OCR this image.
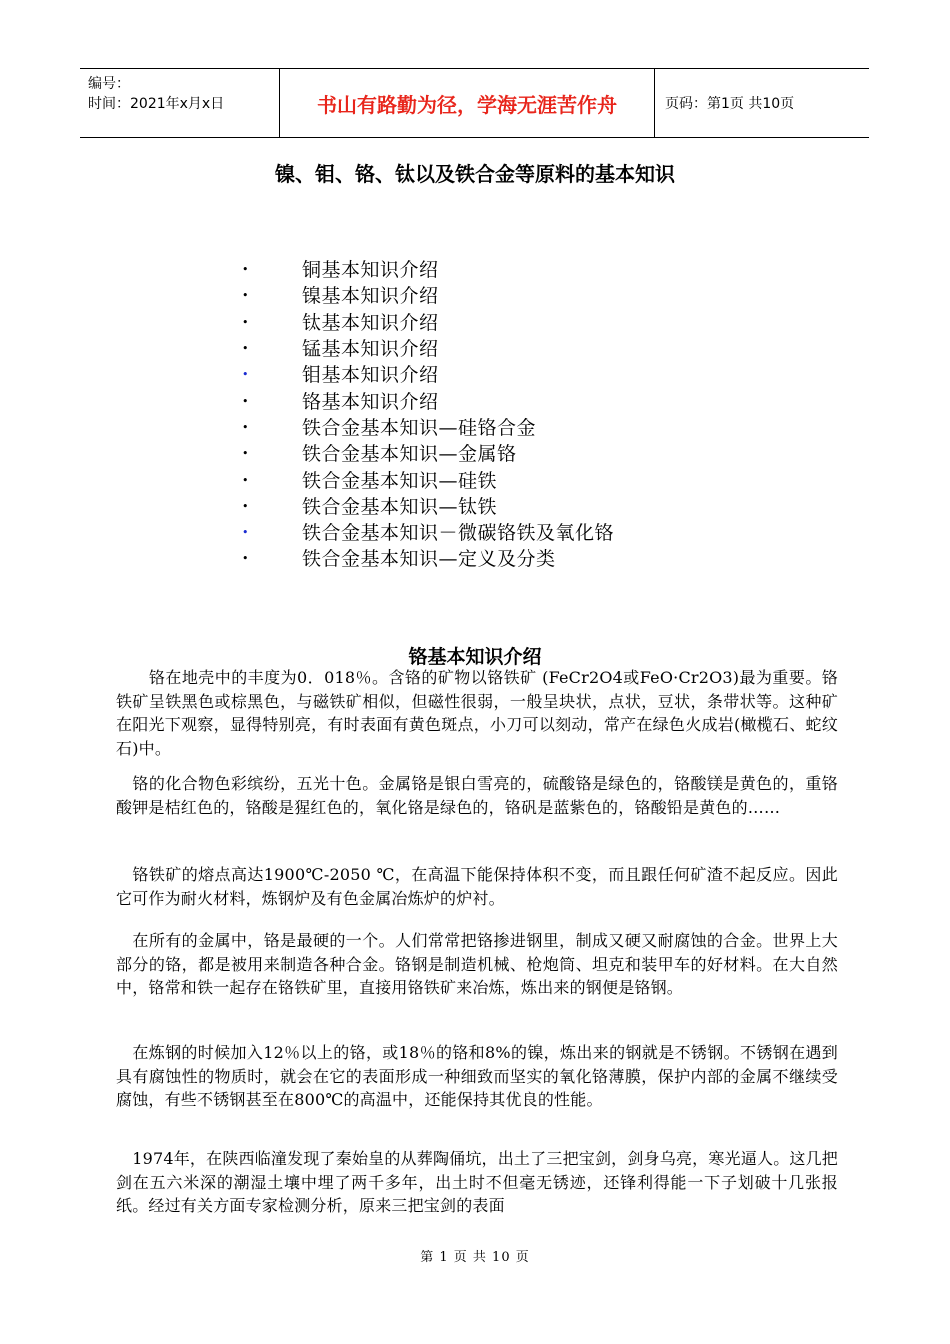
编号：
时间：2021年x月x日	书山有路勤为径，学海无涯苦作舟	页码：第1页 共10页
镍、钼、铬、钛以及铁合金等原料的基本知识
•	铜基本知识介绍
•	镍基本知识介绍
•	钛基本知识介绍
•	锰基本知识介绍
•	钼基本知识介绍
•	铬基本知识介绍
•	铁合金基本知识—硅铬合金
•	铁合金基本知识—金属铬
•	铁合金基本知识—硅铁
•	铁合金基本知识—钛铁
•	铁合金基本知识－微碳铬铁及氧化铬
•	铁合金基本知识—定义及分类
铬基本知识介绍

　　铬在地壳中的丰度为0．018％。含铬的矿物以铬铁矿 (FeCr2O4或FeO·Cr2O3)最为重要。铬铁矿呈铁黑色或棕黑色，与磁铁矿相似，但磁性很弱，一般呈块状，点状，豆状，条带状等。这种矿在阳光下观察，显得特别亮，有时表面有黄色斑点，小刀可以刻动，常产在绿色火成岩(橄榄石、蛇纹石)中。

　铬的化合物色彩缤纷，五光十色。金属铬是银白雪亮的，硫酸铬是绿色的，铬酸镁是黄色的，重铬酸钾是桔红色的，铬酸是猩红色的，氧化铬是绿色的，铬矾是蓝紫色的，铬酸铅是黄色的……

　铬铁矿的熔点高达1900℃-2050 ℃，在高温下能保持体积不变，而且跟任何矿渣不起反应。因此它可作为耐火材料，炼钢炉及有色金属冶炼炉的炉衬。

　在所有的金属中，铬是最硬的一个。人们常常把铬掺进钢里，制成又硬又耐腐蚀的合金。世界上大部分的铬，都是被用来制造各种合金。铬钢是制造机械、枪炮筒、坦克和装甲车的好材料。在大自然中，铬常和铁一起存在铬铁矿里，直接用铬铁矿来冶炼，炼出来的钢便是铬钢。

　在炼钢的时候加入12％以上的铬，或18％的铬和8%的镍，炼出来的钢就是不锈钢。不锈钢在遇到具有腐蚀性的物质时，就会在它的表面形成一种细致而坚实的氧化铬薄膜，保护内部的金属不继续受腐蚀，有些不锈钢甚至在800℃的高温中，还能保持其优良的性能。

　1974年，在陕西临潼发现了秦始皇的从葬陶俑坑，出土了三把宝剑，剑身乌亮，寒光逼人。这几把剑在五六米深的潮湿土壤中埋了两千多年，出土时不但毫无锈迹，还锋利得能一下子划破十几张报纸。经过有关方面专家检测分析，原来三把宝剑的表面

第 1 页 共 10 页
